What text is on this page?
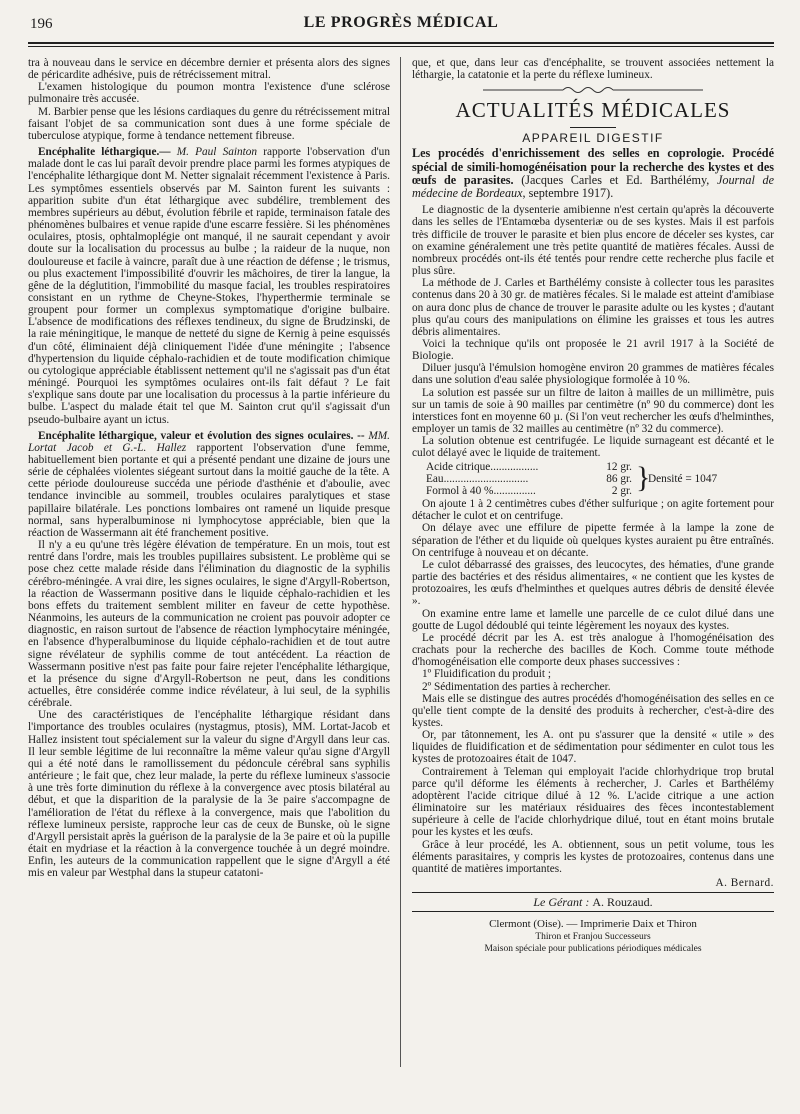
196	LE PROGRÈS MÉDICAL

tra à nouveau dans le service en décembre dernier et présenta alors des signes de péricardite adhésive, puis de rétrécissement mitral.

L'examen histologique du poumon montra l'existence d'une sclérose pulmonaire très accusée.

M. Barbier pense que les lésions cardiaques du genre du rétrécissement mitral faisant l'objet de sa communication sont dues à une forme spéciale de tuberculose atypique, forme à tendance nettement fibreuse.

Encéphalite léthargique.— M. Paul Sainton rapporte l'observation d'un malade dont le cas lui paraît devoir prendre place parmi les formes atypiques de l'encéphalite léthargique dont M. Netter signalait récemment l'existence à Paris. Les symptômes essentiels observés par M. Sainton furent les suivants : apparition subite d'un état léthargique avec subdélire, tremblement des membres supérieurs au début, évolution fébrile et rapide, terminaison fatale des phénomènes bulbaires et venue rapide d'une escarre fessière. Si les phénomènes oculaires, ptosis, ophtalmoplégie ont manqué, il ne saurait cependant y avoir doute sur la localisation du processus au bulbe ; la raideur de la nuque, non douloureuse et facile à vaincre, paraît due à une réaction de défense ; le trismus, ou plus exactement l'impossibilité d'ouvrir les mâchoires, de tirer la langue, la gêne de la déglutition, l'immobilité du masque facial, les troubles respiratoires consistant en un rythme de Cheyne-Stokes, l'hyperthermie terminale se groupent pour former un complexus symptomatique d'origine bulbaire. L'absence de modifications des réflexes tendineux, du signe de Brudzinski, de la raie méningitique, le manque de netteté du signe de Kernig à peine esquissés d'un côté, éliminaient déjà cliniquement l'idée d'une méningite ; l'absence d'hypertension du liquide céphalo-rachidien et de toute modification chimique ou cytologique appréciable établissent nettement qu'il ne s'agissait pas d'un état méningé. Pourquoi les symptômes oculaires ont-ils fait défaut ? Le fait s'explique sans doute par une localisation du processus à la partie inférieure du bulbe. L'aspect du malade était tel que M. Sainton crut qu'il s'agissait d'un pseudo-bulbaire ayant un ictus.

Encéphalite léthargique, valeur et évolution des signes oculaires. -- MM. Lortat Jacob et G.-L. Hallez rapportent l'observation d'une femme, habituellement bien portante et qui a présenté pendant une dizaine de jours une série de céphalées violentes siégeant surtout dans la moitié gauche de la tête. A cette période douloureuse succéda une période d'asthénie et d'aboulie, avec tendance invincible au sommeil, troubles oculaires paralytiques et stase papillaire bilatérale. Les ponctions lombaires ont ramené un liquide presque normal, sans hyperalbuminose ni lymphocytose appréciable, bien que la réaction de Wassermann ait été franchement positive.

Il n'y a eu qu'une très légère élévation de température. En un mois, tout est rentré dans l'ordre, mais les troubles pupillaires subsistent. Le problème qui se pose chez cette malade réside dans l'élimination du diagnostic de la syphilis cérébro-méningée. A vrai dire, les signes oculaires, le signe d'Argyll-Robertson, la réaction de Wassermann positive dans le liquide céphalo-rachidien et les bons effets du traitement semblent militer en faveur de cette hypothèse. Néanmoins, les auteurs de la communication ne croient pas pouvoir adopter ce diagnostic, en raison surtout de l'absence de réaction lymphocytaire méningée, en l'absence d'hyperalbuminose du liquide céphalo-rachidien et de tout autre signe révélateur de syphilis comme de tout antécédent. La réaction de Wassermann positive n'est pas faite pour faire rejeter l'encéphalite léthargique, et la présence du signe d'Argyll-Robertson ne peut, dans les conditions actuelles, être considérée comme indice révélateur, à lui seul, de la syphilis cérébrale.

Une des caractéristiques de l'encéphalite léthargique résidant dans l'importance des troubles oculaires (nystagmus, ptosis), MM. Lortat-Jacob et Hallez insistent tout spécialement sur la valeur du signe d'Argyll dans leur cas. Il leur semble légitime de lui reconnaître la même valeur qu'au signe d'Argyll qui a été noté dans le ramollissement du pédoncule cérébral sans syphilis antérieure ; le fait que, chez leur malade, la perte du réflexe lumineux s'associe à une très forte diminution du réflexe à la convergence avec ptosis bilatéral au début, et que la disparition de la paralysie de la 3e paire s'accompagne de l'amélioration de l'état du réflexe à la convergence, mais que l'abolition du réflexe lumineux persiste, rapproche leur cas de ceux de Bunske, où le signe d'Argyll persistait après la guérison de la paralysie de la 3e paire et où la pupille était en mydriase et la réaction à la convergence touchée à un degré moindre. Enfin, les auteurs de la communication rappellent que le signe d'Argyll a été mis en valeur par Westphal dans la stupeur catatoni-

que, et que, dans leur cas d'encéphalite, se trouvent associées nettement la léthargie, la catatonie et la perte du réflexe lumineux.

ACTUALITÉS MÉDICALES
APPAREIL DIGESTIF
Les procédés d'enrichissement des selles en coprologie. Procédé spécial de simili-homogénéisation pour la recherche des kystes et des œufs de parasites. (Jacques Carles et Ed. Barthélémy, Journal de médecine de Bordeaux, septembre 1917).

Le diagnostic de la dysenterie amibienne n'est certain qu'après la découverte dans les selles de l'Entamœba dysenteriæ ou de ses kystes. Mais il est parfois très difficile de trouver le parasite et bien plus encore de déceler ses kystes, car on examine généralement une très petite quantité de matières fécales. Aussi de nombreux procédés ont-ils été tentés pour rendre cette recherche plus facile et plus sûre.

La méthode de J. Carles et Barthélémy consiste à collecter tous les parasites contenus dans 20 à 30 gr. de matières fécales. Si le malade est atteint d'amibiase on aura donc plus de chance de trouver le parasite adulte ou les kystes ; d'autant plus qu'au cours des manipulations on élimine les graisses et tous les autres débris alimentaires.

Voici la technique qu'ils ont proposée le 21 avril 1917 à la Société de Biologie.

Diluer jusqu'à l'émulsion homogène environ 20 grammes de matières fécales dans une solution d'eau salée physiologique formolée à 10 %.

La solution est passée sur un filtre de laiton à mailles de un millimètre, puis sur un tamis de soie à 90 mailles par centimètre (nº 90 du commerce) dont les interstices font en moyenne 60 µ. (Si l'on veut rechercher les œufs d'helminthes, employer un tamis de 32 mailles au centimètre (nº 32 du commerce).

La solution obtenue est centrifugée. Le liquide surnageant est décanté et le culot délayé avec le liquide de traitement.

Acide citrique.................	12 gr. }
Densité = 1047
Eau..............................	86 gr.
Formol à 40 %...............	2 gr.

On ajoute 1 à 2 centimètres cubes d'éther sulfurique ; on agite fortement pour détacher le culot et on centrifuge.

On délaye avec une effilure de pipette fermée à la lampe la zone de séparation de l'éther et du liquide où quelques kystes auraient pu être entraînés. On centrifuge à nouveau et on décante.

Le culot débarrassé des graisses, des leucocytes, des hématies, d'une grande partie des bactéries et des résidus alimentaires, « ne contient que les kystes de protozoaires, les œufs d'helminthes et quelques autres débris de densité élevée ».

On examine entre lame et lamelle une parcelle de ce culot dilué dans une goutte de Lugol dédoublé qui teinte légèrement les noyaux des kystes.

Le procédé décrit par les A. est très analogue à l'homogénéisation des crachats pour la recherche des bacilles de Koch. Comme toute méthode d'homogénéisation elle comporte deux phases successives :

1º Fluidification du produit ;

2º Sédimentation des parties à rechercher.

Mais elle se distingue des autres procédés d'homogénéisation des selles en ce qu'elle tient compte de la densité des produits à rechercher, c'est-à-dire des kystes.

Or, par tâtonnement, les A. ont pu s'assurer que la densité « utile » des liquides de fluidification et de sédimentation pour sédimenter en culot tous les kystes de protozoaires était de 1047.

Contrairement à Teleman qui employait l'acide chlorhydrique trop brutal parce qu'il déforme les éléments à rechercher, J. Carles et Barthélémy adoptèrent l'acide citrique dilué à 12 %. L'acide citrique a une action éliminatoire sur les matériaux résiduaires des fèces incontestablement supérieure à celle de l'acide chlorhydrique dilué, tout en étant moins brutale pour les kystes et les œufs.

Grâce à leur procédé, les A. obtiennent, sous un petit volume, tous les éléments parasitaires, y compris les kystes de protozoaires, contenus dans une quantité de matières importantes.

A. Bernard.
Le Gérant : A. Rouzaud.
Clermont (Oise). — Imprimerie Daix et Thiron
Thiron et Franjou Successeurs
Maison spéciale pour publications périodiques médicales
